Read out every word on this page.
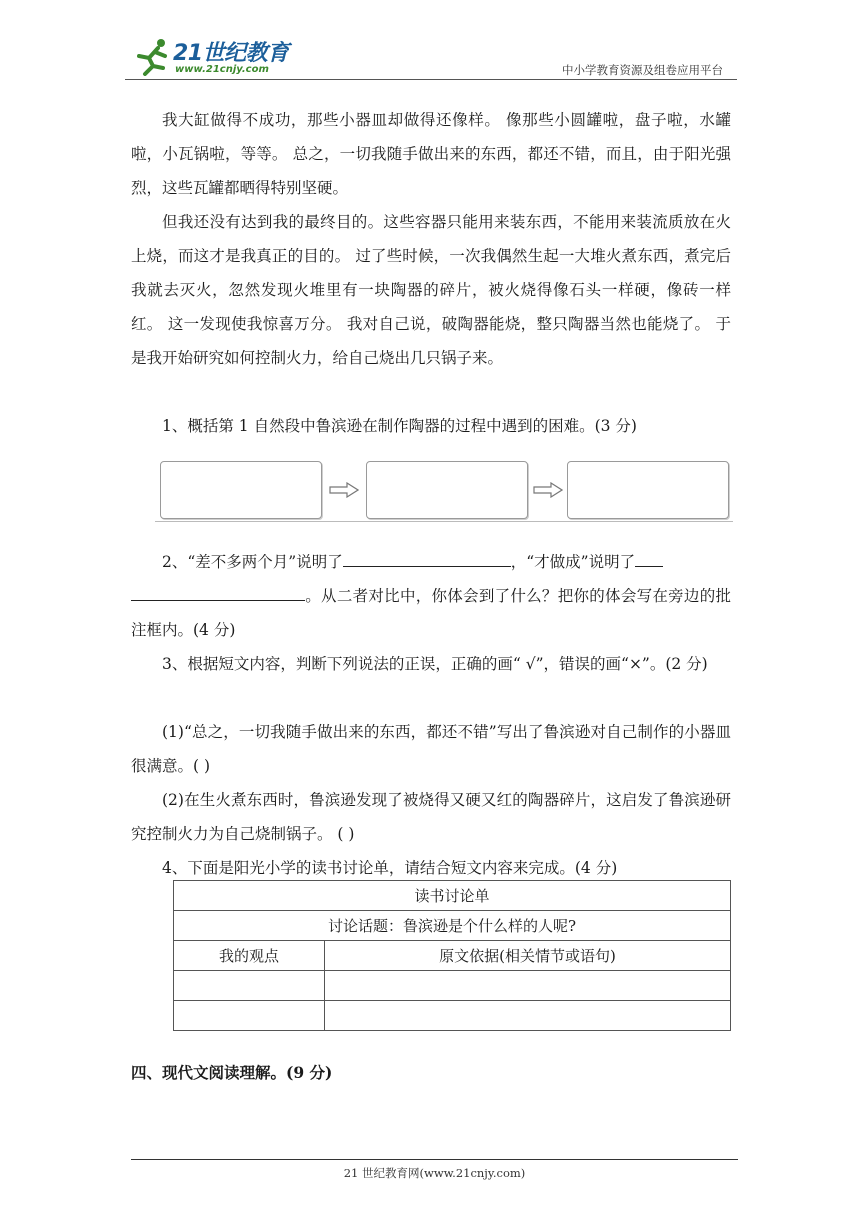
21世纪教育
www.21cnjy.com	中小学教育资源及组卷应用平台

我大缸做得不成功，那些小器皿却做得还像样。 像那些小圆罐啦，盘子啦，水罐啦，小瓦锅啦，等等。 总之，一切我随手做出来的东西，都还不错，而且，由于阳光强烈，这些瓦罐都晒得特别坚硬。

但我还没有达到我的最终目的。这些容器只能用来装东西，不能用来装流质放在火上烧，而这才是我真正的目的。 过了些时候，一次我偶然生起一大堆火煮东西，煮完后我就去灭火，忽然发现火堆里有一块陶器的碎片，被火烧得像石头一样硬，像砖一样红。 这一发现使我惊喜万分。 我对自己说，破陶器能烧，整只陶器当然也能烧了。 于是我开始研究如何控制火力，给自己烧出几只锅子来。

1、概括第 1 自然段中鲁滨逊在制作陶器的过程中遇到的困难。(3 分)

2、“差不多两个月”说明了	，“才做成”说明了
。从二者对比中，你体会到了什么？把你的体会写在旁边的批注框内。(4 分)

3、根据短文内容，判断下列说法的正误，正确的画“ √”，错误的画“×”。(2 分)

(1)“总之，一切我随手做出来的东西，都还不错”写出了鲁滨逊对自己制作的小器皿很满意。( )

(2)在生火煮东西时，鲁滨逊发现了被烧得又硬又红的陶器碎片，这启发了鲁滨逊研究控制火力为自己烧制锅子。 ( )

4、下面是阳光小学的读书讨论单，请结合短文内容来完成。(4 分)

读书讨论单	
讨论话题：鲁滨逊是个什么样的人呢?	
我的观点	原文依据(相关情节或语句)

四、现代文阅读理解。(9 分)
21 世纪教育网(www.21cnjy.com)
